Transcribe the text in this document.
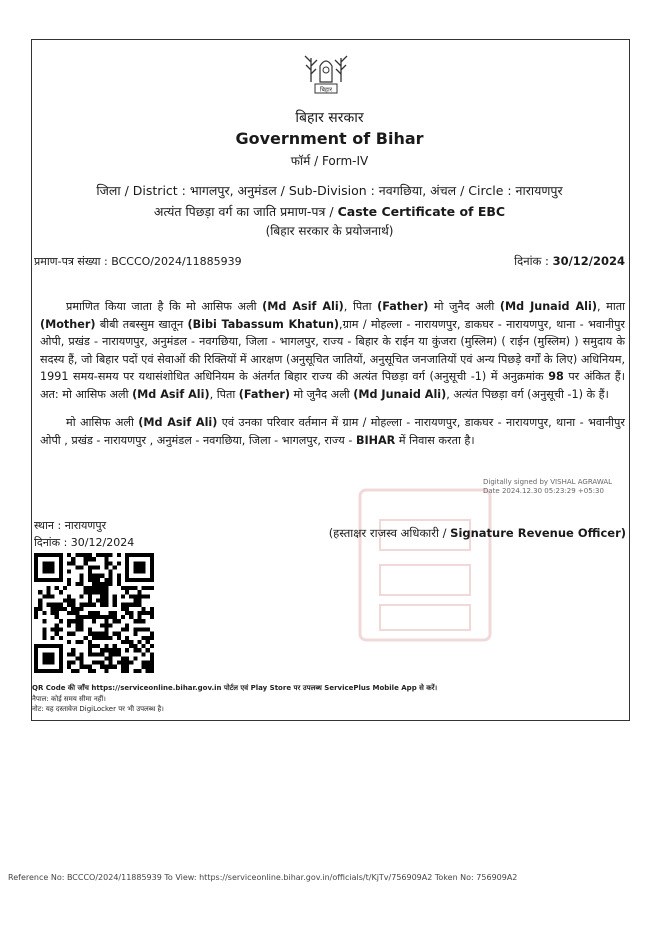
बिहार
बिहार सरकार
Government of Bihar
फॉर्म / Form-IV
जिला / District : भागलपुर, अनुमंडल / Sub-Division : नवगछिया, अंचल / Circle : नारायणपुर
अत्यंत पिछड़ा वर्ग का जाति प्रमाण-पत्र / Caste Certificate of EBC
(बिहार सरकार के प्रयोजनार्थ)
प्रमाण-पत्र संख्या : BCCCO/2024/11885939	दिनांक : 30/12/2024
प्रमाणित किया जाता है कि मो आसिफ अली (Md Asif Ali), पिता (Father) मो जुनैद अली (Md Junaid Ali), माता (Mother) बीबी तबस्सुम खातून (Bibi Tabassum Khatun),ग्राम / मोहल्ला - नारायणपुर, डाकघर - नारायणपुर, थाना - भवानीपुर ओपी, प्रखंड - नारायणपुर, अनुमंडल - नवगछिया, जिला - भागलपुर, राज्य - बिहार के राईन या कुंजरा (मुस्लिम) ( राईन (मुस्लिम) ) समुदाय के सदस्य हैं, जो बिहार पदों एवं सेवाओं की रिक्तियों में आरक्षण (अनुसूचित जातियों, अनुसूचित जनजातियों एवं अन्य पिछड़े वर्गों के लिए) अधिनियम, 1991 समय-समय पर यथासंशोधित अधिनियम के अंतर्गत बिहार राज्य की अत्यंत पिछड़ा वर्ग (अनुसूची -1) में अनुक्रमांक 98 पर अंकित हैं। अत: मो आसिफ अली (Md Asif Ali), पिता (Father) मो जुनैद अली (Md Junaid Ali), अत्यंत पिछड़ा वर्ग (अनुसूची -1) के हैं।
मो आसिफ अली (Md Asif Ali) एवं उनका परिवार वर्तमान में ग्राम / मोहल्ला - नारायणपुर, डाकघर - नारायणपुर, थाना - भवानीपुर ओपी , प्रखंड - नारायणपुर , अनुमंडल - नवगछिया, जिला - भागलपुर, राज्य - BIHAR में निवास करता है।
Digitally signed by VISHAL AGRAWAL
Date 2024.12.30 05:23:29 +05:30
स्थान : नारायणपुर
दिनांक : 30/12/2024
(हस्ताक्षर राजस्व अधिकारी / Signature Revenue Officer)
QR Code की जाँच https://serviceonline.bihar.gov.in पोर्टल एवं Play Store पर उपलब्ध ServicePlus Mobile App से करें।
नैपाल: कोई समय सीमा नहीं।
नोट: यह दस्तावेज DigiLocker पर भी उपलब्ध है।
Reference No: BCCCO/2024/11885939 To View: https://serviceonline.bihar.gov.in/officials/t/KjTv/756909A2 Token No: 756909A2
